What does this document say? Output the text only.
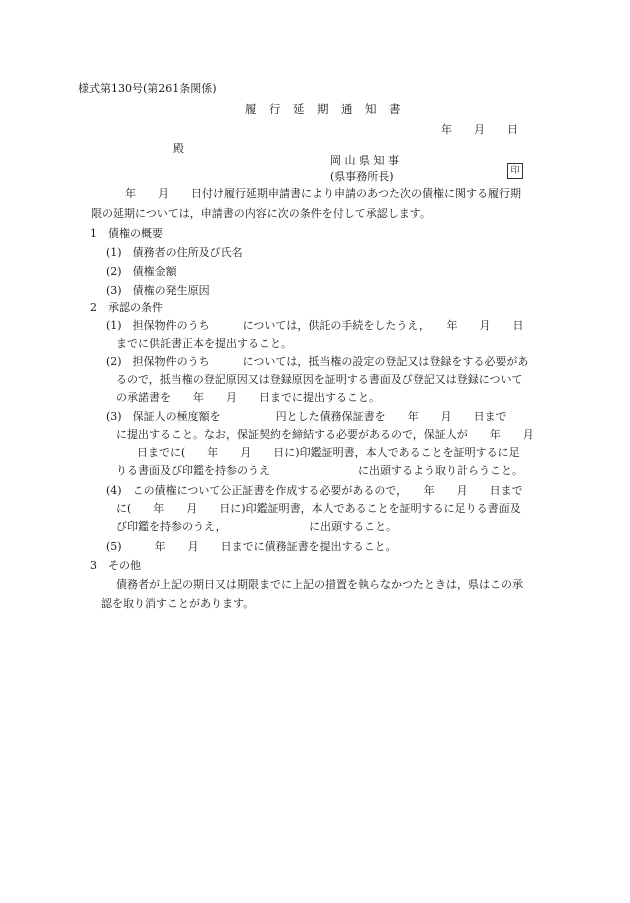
様式第130号(第261条関係)
履　行　延　期　通　知　書
年　　月　　日
殿
岡 山 県 知 事
(県事務所長)	印
年　　月　　日付け履行延期申請書により申請のあつた次の債権に関する履行期
限の延期については，申請書の内容に次の条件を付して承認します。
1　債権の概要
(1)　債務者の住所及び氏名
(2)　債権金額
(3)　債権の発生原因
2　承認の条件
(1)　担保物件のうち　　　については，供託の手続をしたうえ，　　年　　月　　日
までに供託書正本を提出すること。
(2)　担保物件のうち　　　については，抵当権の設定の登記又は登録をする必要があ
るので，抵当権の登記原因又は登録原因を証明する書面及び登記又は登録について
の承諾書を　　年　　月　　日までに提出すること。
(3)　保証人の極度額を　　　　　円とした債務保証書を　　年　　月　　日まで
に提出すること。なお，保証契約を締結する必要があるので，保証人が　　年　　月
日までに(　　年　　月　　日に)印鑑証明書，本人であることを証明するに足
りる書面及び印鑑を持参のうえ　　　　　　　　に出頭するよう取り計らうこと。
(4)　この債権について公正証書を作成する必要があるので，　　年　　月　　日まで
に(　　年　　月　　日に)印鑑証明書，本人であることを証明するに足りる書面及
び印鑑を持参のうえ，　　　　　　　　に出頭すること。
(5)　　　年　　月　　日までに債務証書を提出すること。
3　その他
債務者が上記の期日又は期限までに上記の措置を執らなかつたときは，県はこの承
認を取り消すことがあります。
